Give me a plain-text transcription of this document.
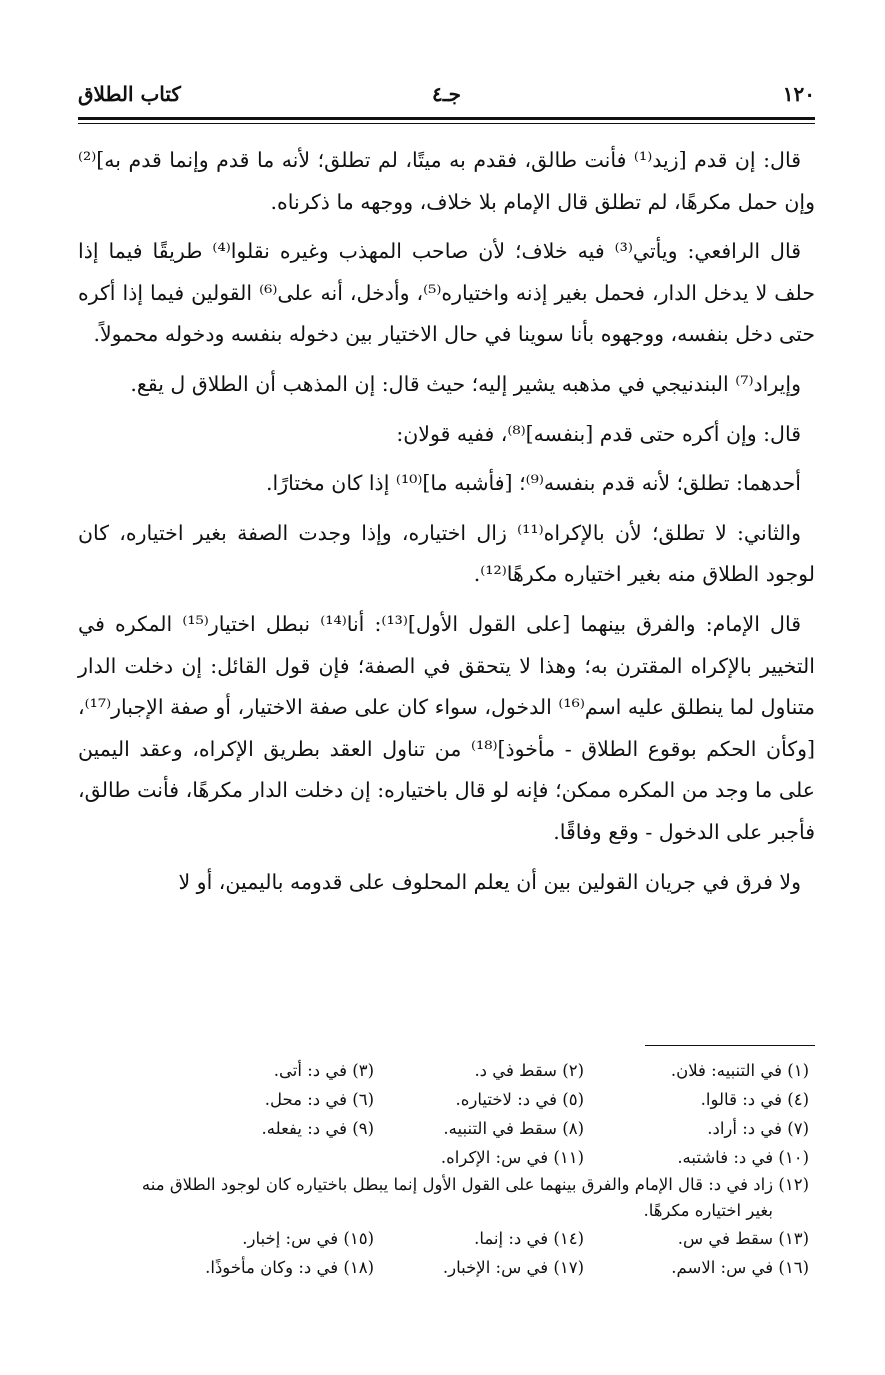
١٢٠
جـ٤
كتاب الطلاق

قال: إن قدم [زيد⁽¹⁾ فأنت طالق، فقدم به ميتًا، لم تطلق؛ لأنه ما قدم وإنما قدم به]⁽²⁾ وإن حمل مكرهًا، لم تطلق قال الإمام بلا خلاف، ووجهه ما ذكرناه.

قال الرافعي: ويأتي⁽³⁾ فيه خلاف؛ لأن صاحب المهذب وغيره نقلوا⁽⁴⁾ طريقًا فيما إذا حلف لا يدخل الدار، فحمل بغير إذنه واختياره⁽⁵⁾، وأدخل، أنه على⁽⁶⁾ القولين فيما إذا أكره حتى دخل بنفسه، ووجهوه بأنا سوينا في حال الاختيار بين دخوله بنفسه ودخوله محمولاً.

وإيراد⁽⁷⁾ البندنيجي في مذهبه يشير إليه؛ حيث قال: إن المذهب أن الطلاق ل يقع.

قال: وإن أكره حتى قدم [بنفسه]⁽⁸⁾، ففيه قولان:

أحدهما: تطلق؛ لأنه قدم بنفسه⁽⁹⁾؛ [فأشبه ما]⁽¹⁰⁾ إذا كان مختارًا.

والثاني: لا تطلق؛ لأن بالإكراه⁽¹¹⁾ زال اختياره، وإذا وجدت الصفة بغير اختياره، كان لوجود الطلاق منه بغير اختياره مكرهًا⁽¹²⁾.

قال الإمام: والفرق بينهما [على القول الأول]⁽¹³⁾: أنا⁽¹⁴⁾ نبطل اختيار⁽¹⁵⁾ المكره في التخيير بالإكراه المقترن به؛ وهذا لا يتحقق في الصفة؛ فإن قول القائل: إن دخلت الدار متناول لما ينطلق عليه اسم⁽¹⁶⁾ الدخول، سواء كان على صفة الاختيار، أو صفة الإجبار⁽¹⁷⁾، [وكأن الحكم بوقوع الطلاق - مأخوذ]⁽¹⁸⁾ من تناول العقد بطريق الإكراه، وعقد اليمين على ما وجد من المكره ممكن؛ فإنه لو قال باختياره: إن دخلت الدار مكرهًا، فأنت طالق، فأجبر على الدخول - وقع وفاقًا.

ولا فرق في جريان القولين بين أن يعلم المحلوف على قدومه باليمين، أو لا

(١) في التنبيه: فلان.
(٢) سقط في د.
(٣) في د: أتى.
(٤) في د: قالوا.
(٥) في د: لاختياره.
(٦) في د: محل.
(٧) في د: أراد.
(٨) سقط في التنبيه.
(٩) في د: يفعله.
(١٠) في د: فاشتبه.
(١١) في س: الإكراه.
(١٢) زاد في د: قال الإمام والفرق بينهما على القول الأول إنما يبطل باختياره كان لوجود الطلاق منه
بغير اختياره مكرهًا.
(١٣) سقط في س.
(١٤) في د: إنما.
(١٥) في س: إخبار.
(١٦) في س: الاسم.
(١٧) في س: الإخبار.
(١٨) في د: وكان مأخوذًا.
